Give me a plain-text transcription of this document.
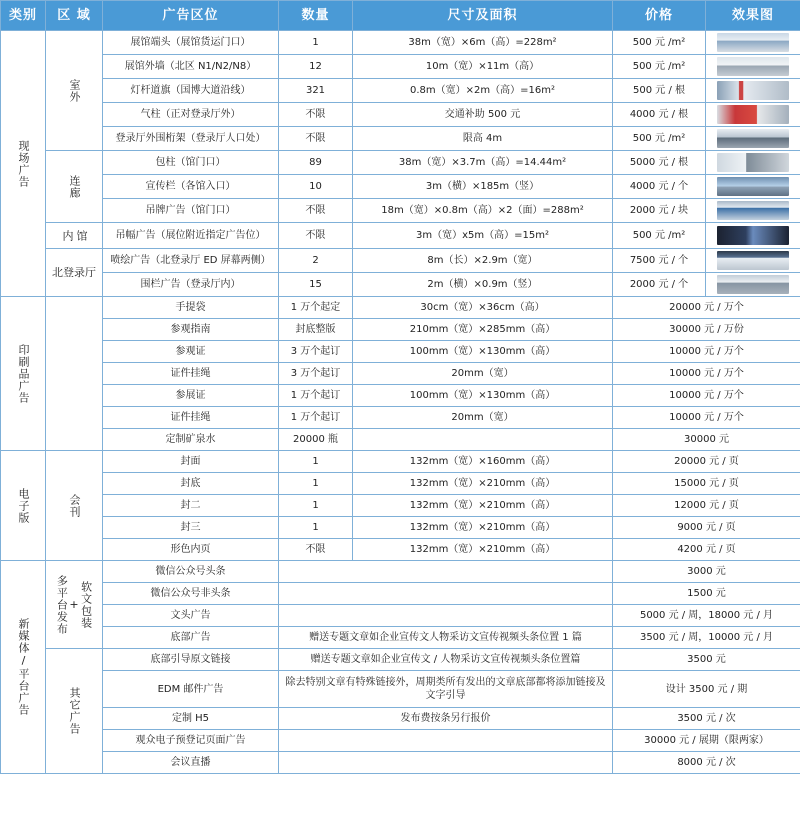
类别	区 域	广告区位	数量	尺寸及面积	价格	效果图
现场广告	室外	展馆端头（展馆货运门口）	1	38m（宽）×6m（高）=228m²	500 元 /m²	

		展馆外墙（北区 N1/N2/N8）	12	10m（宽）×11m（高）	500 元 /m²	

		灯杆道旗（国博大道沿线）	321	0.8m（宽）×2m（高）=16m²	500 元 / 根	

		气柱（正对登录厅外）	不限	交通补助 500 元	4000 元 / 根	

		登录厅外围桁架（登录厅人口处）	不限	限高 4m	500 元 /m²	

	连廊	包柱（馆门口）	89	38m（宽）×3.7m（高）=14.44m²	5000 元 / 根	

		宣传栏（各馆入口）	10	3m（横）×185m（竖）	4000 元 / 个	

		吊牌广告（馆门口）	不限	18m（宽）×0.8m（高）×2（面）=288m²	2000 元 / 块	

	馆内	吊幅广告（展位附近指定广告位）	不限	3m（宽）x5m（高）=15m²	500 元 /m²	

	北登录厅	喷绘广告（北登录厅 ED 屏幕两侧）	2	8m（长）×2.9m（宽）	7500 元 / 个	

		围栏广告（登录厅内）	15	2m（横）×0.9m（竖）	2000 元 / 个	

印刷品广告		手提袋	1 万个起定	30cm（宽）×36cm（高）	20000 元 / 万个	
		参观指南	封底整版	210mm（宽）×285mm（高）	30000 元 / 万份	
		参观证	3 万个起订	100mm（宽）×130mm（高）	10000 元 / 万个	
		证件挂绳	3 万个起订	20mm（宽）	10000 元 / 万个	
		参展证	1 万个起订	100mm（宽）×130mm（高）	10000 元 / 万个	
		证件挂绳	1 万个起订	20mm（宽）	10000 元 / 万个	
		定制矿泉水	20000 瓶		30000 元	
电子版	会刊	封面	1	132mm（宽）×160mm（高）	20000 元 / 页	
		封底	1	132mm（宽）×210mm（高）	15000 元 / 页	
		封二	1	132mm（宽）×210mm（高）	12000 元 / 页	
		封三	1	132mm（宽）×210mm（高）	9000 元 / 页	
		形色内页	不限	132mm（宽）×210mm（高）	4200 元 / 页	
新媒体/平台广告	多平台发布 + 软文包装	微信公众号头条			3000 元	
		微信公众号非头条			1500 元	
		文头广告			5000 元 / 周，18000 元 / 月	
		底部广告	赠送专题文章如企业宣传文人物采访文宣传视频头条位置 1 篇		3500 元 / 周，10000 元 / 月	
	其它广告	底部引导原文链接	赠送专题文章如企业宣传文 / 人物采访文宣传视频头条位置篇		3500 元	
		EDM 邮件广告	除去特别文章有特殊链接外，周期类所有发出的文章底部都将添加链接及文字引导		设计 3500 元 / 期	
		定制 H5	发布费按条另行报价		3500 元 / 次	
		观众电子预登记页面广告			30000 元 / 展期（限两家）	
		会议直播			8000 元 / 次	
